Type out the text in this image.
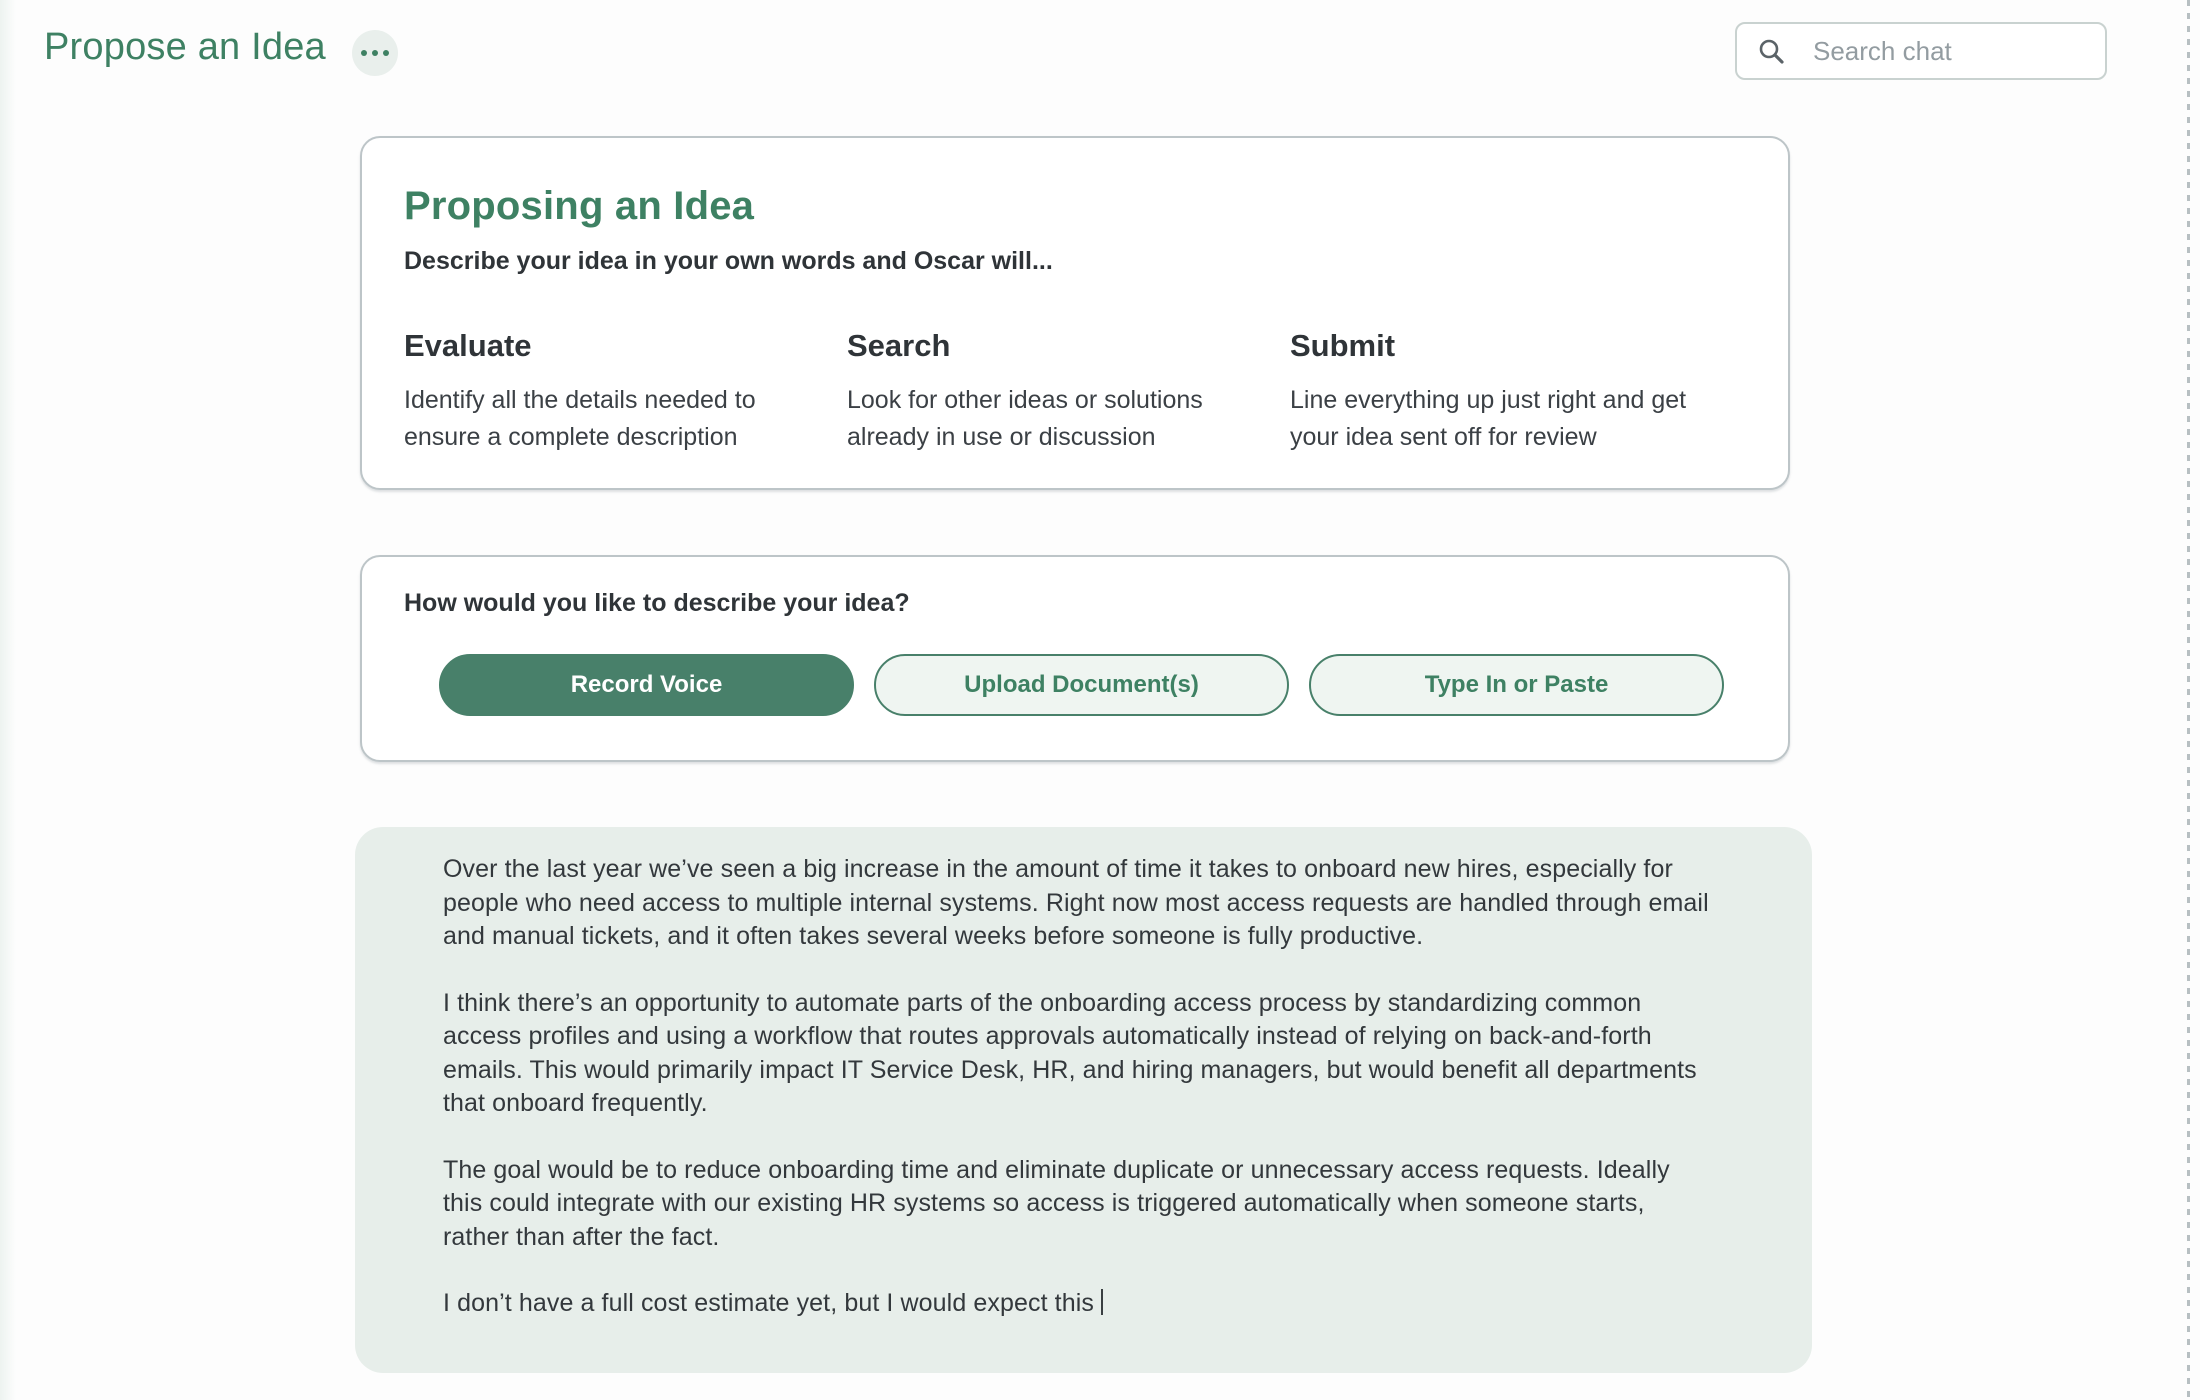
Propose an Idea
Search chat
Proposing an Idea
Describe your idea in your own words and Oscar will...
Evaluate

Identify all the details needed to ensure a complete description

Search

Look for other ideas or solutions already in use or discussion

Submit

Line everything up just right and get your idea sent off for review

How would you like to describe your idea?
Record Voice	Upload Document(s)	Type In or Paste

Over the last year we’ve seen a big increase in the amount of time it takes to onboard new hires, especially for people who need access to multiple internal systems. Right now most access requests are handled through email and manual tickets, and it often takes several weeks before someone is fully productive.

I think there’s an opportunity to automate parts of the onboarding access process by standardizing common access profiles and using a workflow that routes approvals automatically instead of relying on back-and-forth emails. This would primarily impact IT Service Desk, HR, and hiring managers, but would benefit all departments that onboard frequently.

The goal would be to reduce onboarding time and eliminate duplicate or unnecessary access requests. Ideally this could integrate with our existing HR systems so access is triggered automatically when someone starts, rather than after the fact.

I don’t have a full cost estimate yet, but I would expect this
